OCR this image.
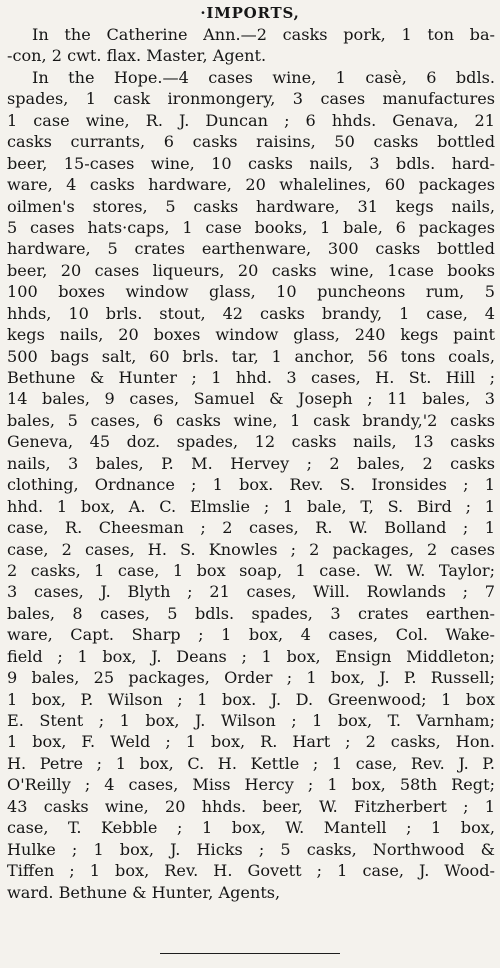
·IMPORTS,
In the Catherine Ann.—2 casks pork, 1 ton ba-
-con, 2 cwt. flax. Master, Agent.
In the Hope.—4 cases wine, 1 casè, 6 bdls.
spades, 1 cask ironmongery, 3 cases manufactures
1 case wine, R. J. Duncan ; 6 hhds. Genava, 21
casks currants, 6 casks raisins, 50 casks bottled
beer, 15-cases wine, 10 casks nails, 3 bdls. hard-
ware, 4 casks hardware, 20 whalelines, 60 packages
oilmen's stores, 5 casks hardware, 31 kegs nails,
5 cases hats·caps, 1 case books, 1 bale, 6 packages
hardware, 5 crates earthenware, 300 casks bottled
beer, 20 cases liqueurs, 20 casks wine, 1case books
100 boxes window glass, 10 puncheons rum, 5
hhds, 10 brls. stout, 42 casks brandy, 1 case, 4
kegs nails, 20 boxes window glass, 240 kegs paint
500 bags salt, 60 brls. tar, 1 anchor, 56 tons coals,
Bethune & Hunter ; 1 hhd. 3 cases, H. St. Hill ;
14 bales, 9 cases, Samuel & Joseph ; 11 bales, 3
bales, 5 cases, 6 casks wine, 1 cask brandy,'2 casks
Geneva, 45 doz. spades, 12 casks nails, 13 casks
nails, 3 bales, P. M. Hervey ; 2 bales, 2 casks
clothing, Ordnance ; 1 box. Rev. S. Ironsides ; 1
hhd. 1 box, A. C. Elmslie ; 1 bale, T, S. Bird ; 1
case, R. Cheesman ; 2 cases, R. W. Bolland ; 1
case, 2 cases, H. S. Knowles ; 2 packages, 2 cases
2 casks, 1 case, 1 box soap, 1 case. W. W. Taylor;
3 cases, J. Blyth ; 21 cases, Will. Rowlands ; 7
bales, 8 cases, 5 bdls. spades, 3 crates earthen-
ware, Capt. Sharp ; 1 box, 4 cases, Col. Wake-
field ; 1 box, J. Deans ; 1 box, Ensign Middleton;
9 bales, 25 packages, Order ; 1 box, J. P. Russell;
1 box, P. Wilson ; 1 box. J. D. Greenwood; 1 box
E. Stent ; 1 box, J. Wilson ; 1 box, T. Varnham;
1 box, F. Weld ; 1 box, R. Hart ; 2 casks, Hon.
H. Petre ; 1 box, C. H. Kettle ; 1 case, Rev. J. P.
O'Reilly ; 4 cases, Miss Hercy ; 1 box, 58th Regt;
43 casks wine, 20 hhds. beer, W. Fitzherbert ; 1
case, T. Kebble ; 1 box, W. Mantell ; 1 box,
Hulke ; 1 box, J. Hicks ; 5 casks, Northwood &
Tiffen ; 1 box, Rev. H. Govett ; 1 case, J. Wood-
ward. Bethune & Hunter, Agents,
